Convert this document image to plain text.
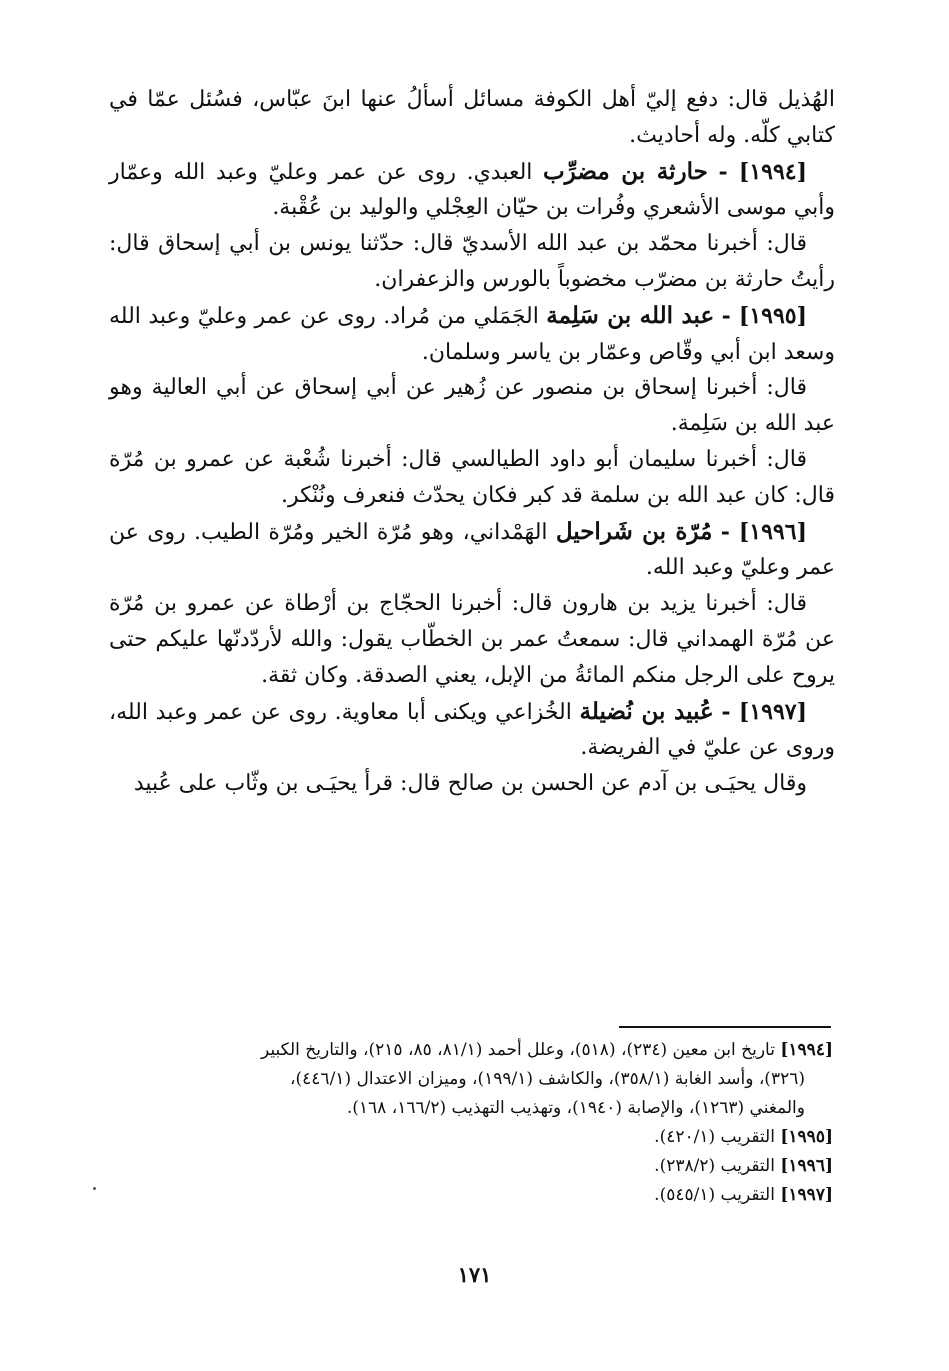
الهُذيل قال: دفع إليّ أهل الكوفة مسائل أسألُ عنها ابنَ عبّاس، فسُئل عمّا في كتابي كلّه. وله أحاديث.

[١٩٩٤] - حارثة بن مضرِّب العبدي. روى عن عمر وعليّ وعبد الله وعمّار وأبي موسى الأشعري وفُرات بن حيّان العِجْلي والوليد بن عُقْبة.

قال: أخبرنا محمّد بن عبد الله الأسديّ قال: حدّثنا يونس بن أبي إسحاق قال: رأيتُ حارثة بن مضرّب مخضوباً بالورس والزعفران.

[١٩٩٥] - عبد الله بن سَلِمة الجَمَلي من مُراد. روى عن عمر وعليّ وعبد الله وسعد ابن أبي وقّاص وعمّار بن ياسر وسلمان.

قال: أخبرنا إسحاق بن منصور عن زُهير عن أبي إسحاق عن أبي العالية وهو عبد الله بن سَلِمة.

قال: أخبرنا سليمان أبو داود الطيالسي قال: أخبرنا شُعْبة عن عمرو بن مُرّة قال: كان عبد الله بن سلمة قد كبر فكان يحدّث فنعرف ونُنْكر.

[١٩٩٦] - مُرّة بن شَراحيل الهَمْداني، وهو مُرّة الخير ومُرّة الطيب. روى عن عمر وعليّ وعبد الله.

قال: أخبرنا يزيد بن هارون قال: أخبرنا الحجّاج بن أرْطاة عن عمرو بن مُرّة عن مُرّة الهمداني قال: سمعتُ عمر بن الخطّاب يقول: والله لأردّدنّها عليكم حتى يروح على الرجل منكم المائةُ من الإبل، يعني الصدقة. وكان ثقة.

[١٩٩٧] - عُبيد بن نُضيلة الخُزاعي ويكنى أبا معاوية. روى عن عمر وعبد الله، وروى عن عليّ في الفريضة.

وقال يحيَـى بن آدم عن الحسن بن صالح قال: قرأ يحيَـى بن وثّاب على عُبيد

[١٩٩٤] تاريخ ابن معين (٢٣٤)، (٥١٨)، وعلل أحمد (٨١/١، ٨٥، ٢١٥)، والتاريخ الكبير

(٣٢٦)، وأسد الغابة (٣٥٨/١)، والكاشف (١٩٩/١)، وميزان الاعتدال (٤٤٦/١)،

والمغني (١٢٦٣)، والإصابة (١٩٤٠)، وتهذيب التهذيب (١٦٦/٢، ١٦٨).

[١٩٩٥] التقريب (٤٢٠/١).

[١٩٩٦] التقريب (٢٣٨/٢).

[١٩٩٧] التقريب (٥٤٥/١).

١٧١
